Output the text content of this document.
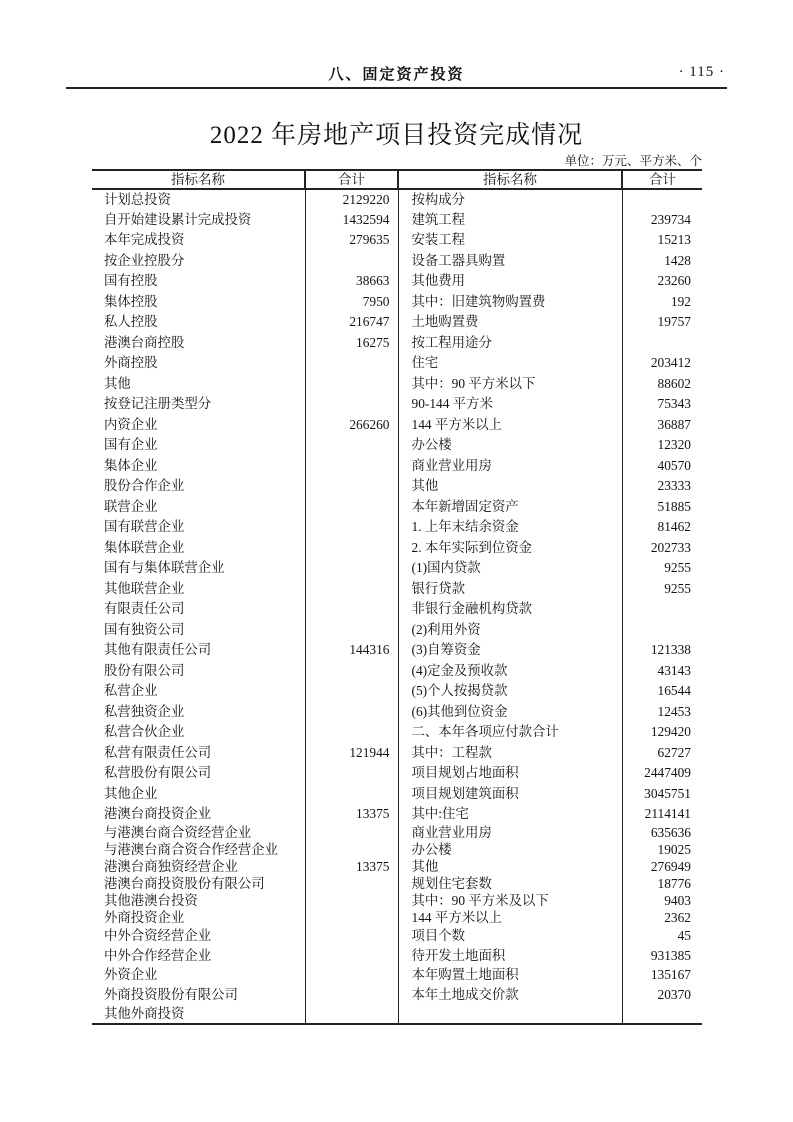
八、固定资产投资	· 115 ·
2022 年房地产项目投资完成情况
单位：万元、平方米、个
指标名称	合计	指标名称	合计
计划总投资	2129220	按构成分	
自开始建设累计完成投资	1432594	建筑工程	239734
本年完成投资	279635	安装工程	15213
按企业控股分		设备工器具购置	1428
国有控股	38663	其他费用	23260
集体控股	7950	其中：旧建筑物购置费	192
私人控股	216747	土地购置费	19757
港澳台商控股	16275	按工程用途分	
外商控股		住宅	203412
其他		其中：90 平方米以下	88602
按登记注册类型分		90-144 平方米	75343
内资企业	266260	144 平方米以上	36887
国有企业		办公楼	12320
集体企业		商业营业用房	40570
股份合作企业		其他	23333
联营企业		本年新增固定资产	51885
国有联营企业		1. 上年末结余资金	81462
集体联营企业		2. 本年实际到位资金	202733
国有与集体联营企业		(1)国内贷款	9255
其他联营企业		银行贷款	9255
有限责任公司		非银行金融机构贷款	
国有独资公司		(2)利用外资	
其他有限责任公司	144316	(3)自筹资金	121338
股份有限公司		(4)定金及预收款	43143
私营企业		(5)个人按揭贷款	16544
私营独资企业		(6)其他到位资金	12453
私营合伙企业		二、本年各项应付款合计	129420
私营有限责任公司	121944	其中：工程款	62727
私营股份有限公司		项目规划占地面积	2447409
其他企业		项目规划建筑面积	3045751
港澳台商投资企业	13375	其中:住宅	2114141
与港澳台商合资经营企业		商业营业用房	635636
与港澳台商合资合作经营企业		办公楼	19025
港澳台商独资经营企业	13375	其他	276949
港澳台商投资股份有限公司		规划住宅套数	18776
其他港澳台投资		其中：90 平方米及以下	9403
外商投资企业		144 平方米以上	2362
中外合资经营企业		项目个数	45
中外合作经营企业		待开发土地面积	931385
外资企业		本年购置土地面积	135167
外商投资股份有限公司		本年土地成交价款	20370
其他外商投资			
